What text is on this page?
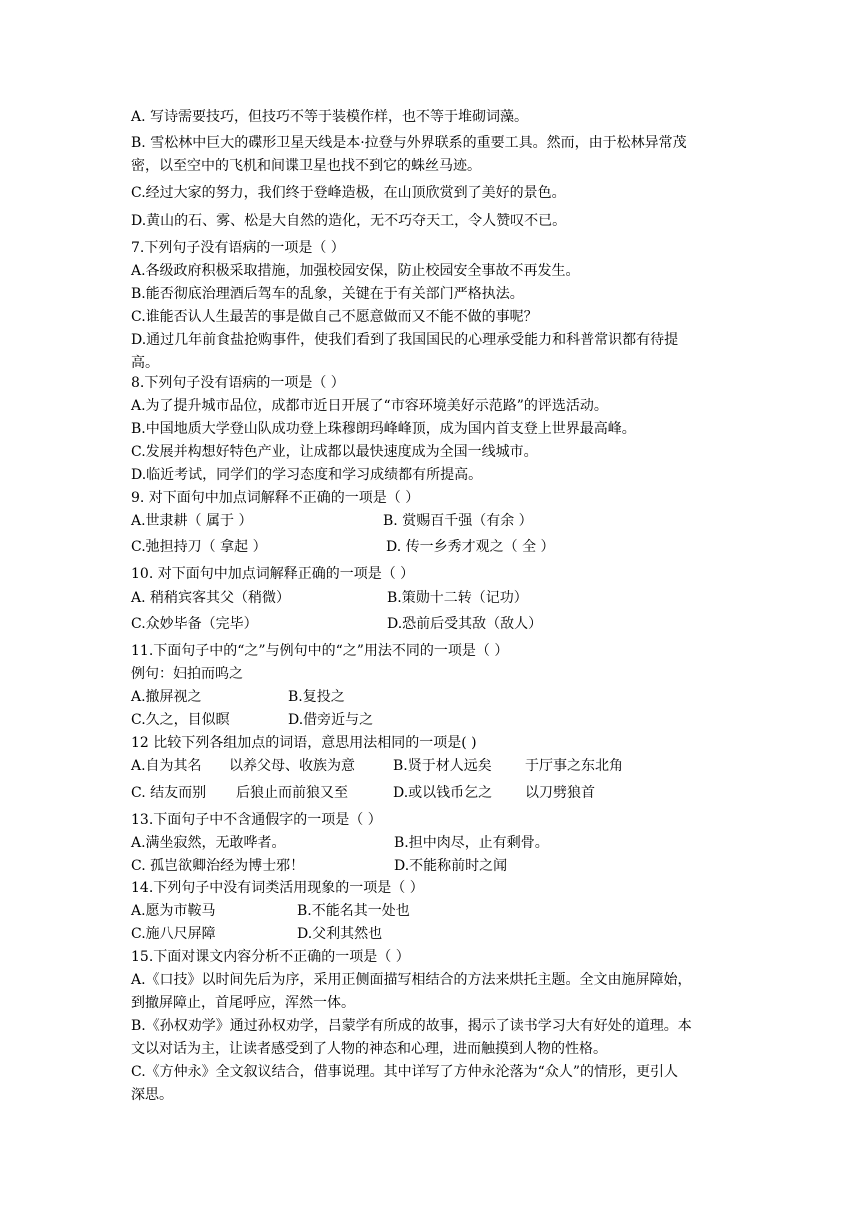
A. 写诗需要技巧，但技巧不等于装模作样，也不等于堆砌词藻。
B. 雪松林中巨大的碟形卫星天线是本·拉登与外界联系的重要工具。然而，由于松林异常茂
密，以至空中的飞机和间谍卫星也找不到它的蛛丝马迹。
C.经过大家的努力，我们终于登峰造极，在山顶欣赏到了美好的景色。
D.黄山的石、雾、松是大自然的造化，无不巧夺天工，令人赞叹不已。
7.下列句子没有语病的一项是（ ）
A.各级政府积极采取措施，加强校园安保，防止校园安全事故不再发生。
B.能否彻底治理酒后驾车的乱象，关键在于有关部门严格执法。
C.谁能否认人生最苦的事是做自己不愿意做而又不能不做的事呢？
D.通过几年前食盐抢购事件，使我们看到了我国国民的心理承受能力和科普常识都有待提
高。
8.下列句子没有语病的一项是（ ）
A.为了提升城市品位，成都市近日开展了“市容环境美好示范路”的评选活动。
B.中国地质大学登山队成功登上珠穆朗玛峰峰顶，成为国内首支登上世界最高峰。
C.发展并构想好特色产业，让成都以最快速度成为全国一线城市。
D.临近考试，同学们的学习态度和学习成绩都有所提高。
9. 对下面句中加点词解释不正确的一项是（ ）
A.世隶耕（ 属于 ）	B. 赏赐百千强（有余 ）
C.弛担持刀（ 拿起 ）	D. 传一乡秀才观之（ 全 ）
10. 对下面句中加点词解释正确的一项是（ ）
A. 稍稍宾客其父（稍微）	B.策勋十二转（记功）
C.众妙毕备（完毕）	D.恐前后受其敌（敌人）
11.下面句子中的“之”与例句中的“之”用法不同的一项是（ ）
例句：妇拍而呜之
A.撤屏视之	B.复投之
C.久之，目似瞑	D.借旁近与之
12 比较下列各组加点的词语，意思用法相同的一项是( )
A.自为其名 以养父母、收族为意	B.贤于材人远矣 于厅事之东北角
C. 结友而别 后狼止而前狼又至	D.或以钱币乞之 以刀劈狼首
13.下面句子中不含通假字的一项是（ ）
A.满坐寂然，无敢哗者。	B.担中肉尽，止有剩骨。
C. 孤岂欲卿治经为博士邪！	D.不能称前时之闻
14.下列句子中没有词类活用现象的一项是（ ）
A.愿为市鞍马	B.不能名其一处也
C.施八尺屏障	D.父利其然也
15.下面对课文内容分析不正确的一项是（ ）
A.《口技》以时间先后为序，采用正侧面描写相结合的方法来烘托主题。全文由施屏障始，
到撤屏障止，首尾呼应，浑然一体。
B.《孙权劝学》通过孙权劝学，吕蒙学有所成的故事，揭示了读书学习大有好处的道理。本
文以对话为主，让读者感受到了人物的神态和心理，进而触摸到人物的性格。
C.《方仲永》全文叙议结合，借事说理。其中详写了方仲永沦落为“众人”的情形，更引人
深思。
